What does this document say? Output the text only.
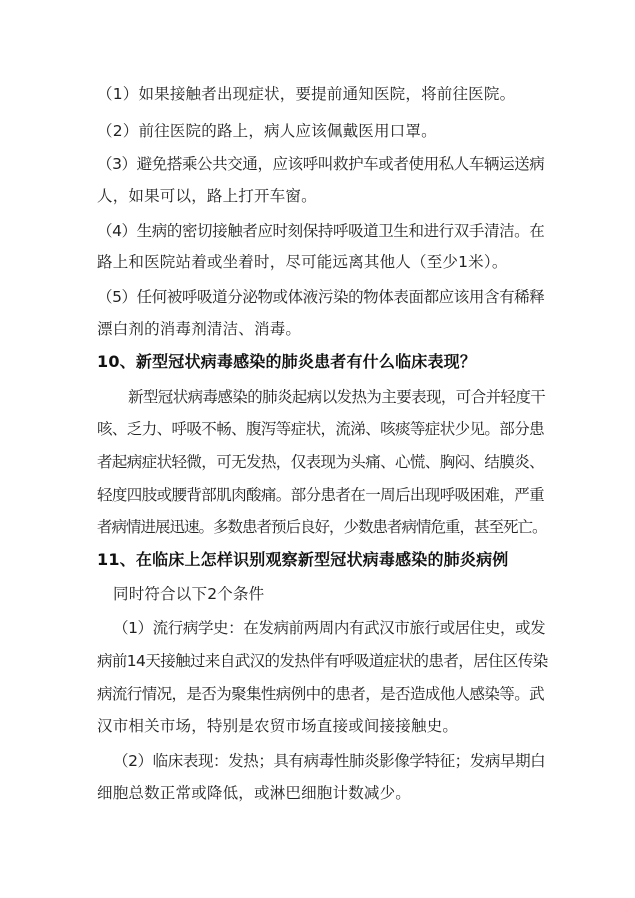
（1）如果接触者出现症状，要提前通知医院，将前往医院。
（2）前往医院的路上，病人应该佩戴医用口罩。
（3）避免搭乘公共交通，应该呼叫救护车或者使用私人车辆运送病
人，如果可以，路上打开车窗。
（4）生病的密切接触者应时刻保持呼吸道卫生和进行双手清洁。在
路上和医院站着或坐着时，尽可能远离其他人（至少1米）。
（5）任何被呼吸道分泌物或体液污染的物体表面都应该用含有稀释
漂白剂的消毒剂清洁、消毒。
10、新型冠状病毒感染的肺炎患者有什么临床表现？
新型冠状病毒感染的肺炎起病以发热为主要表现，可合并轻度干
咳、乏力、呼吸不畅、腹泻等症状，流涕、咳痰等症状少见。部分患
者起病症状轻微，可无发热，仅表现为头痛、心慌、胸闷、结膜炎、
轻度四肢或腰背部肌肉酸痛。部分患者在一周后出现呼吸困难，严重
者病情进展迅速。多数患者预后良好，少数患者病情危重，甚至死亡。
11、在临床上怎样识别观察新型冠状病毒感染的肺炎病例
同时符合以下2个条件
（1）流行病学史：在发病前两周内有武汉市旅行或居住史，或发
病前14天接触过来自武汉的发热伴有呼吸道症状的患者，居住区传染
病流行情况，是否为聚集性病例中的患者，是否造成他人感染等。武
汉市相关市场，特别是农贸市场直接或间接接触史。
（2）临床表现：发热；具有病毒性肺炎影像学特征；发病早期白
细胞总数正常或降低，或淋巴细胞计数减少。
